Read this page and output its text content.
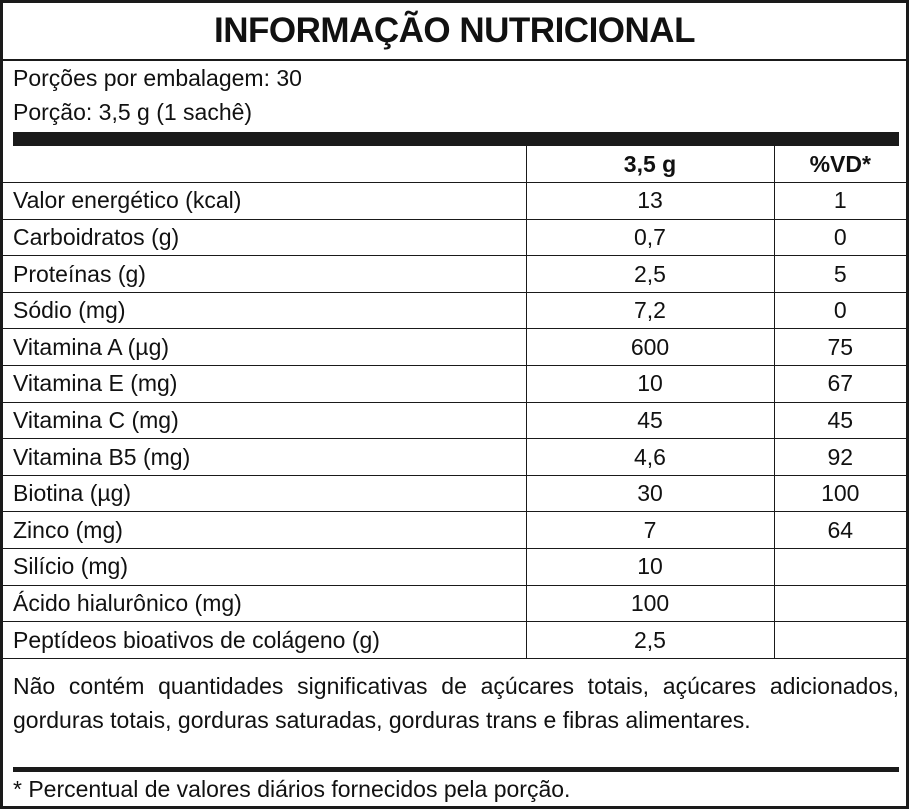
INFORMAÇÃO NUTRICIONAL
Porções por embalagem: 30
Porção: 3,5 g (1 sachê)
	3,5 g	%VD*
Valor energético (kcal)	13	1
Carboidratos (g)	0,7	0
Proteínas (g)	2,5	5
Sódio (mg)	7,2	0
Vitamina A (µg)	600	75
Vitamina E (mg)	10	67
Vitamina C (mg)	45	45
Vitamina B5 (mg)	4,6	92
Biotina (µg)	30	100
Zinco (mg)	7	64
Silício (mg)	10	
Ácido hialurônico (mg)	100	
Peptídeos bioativos de colágeno (g)	2,5	
Não contém quantidades significativas de açúcares totais, açúcares adicionados, gorduras totais, gorduras saturadas, gorduras trans e fibras alimentares.
* Percentual de valores diários fornecidos pela porção.
